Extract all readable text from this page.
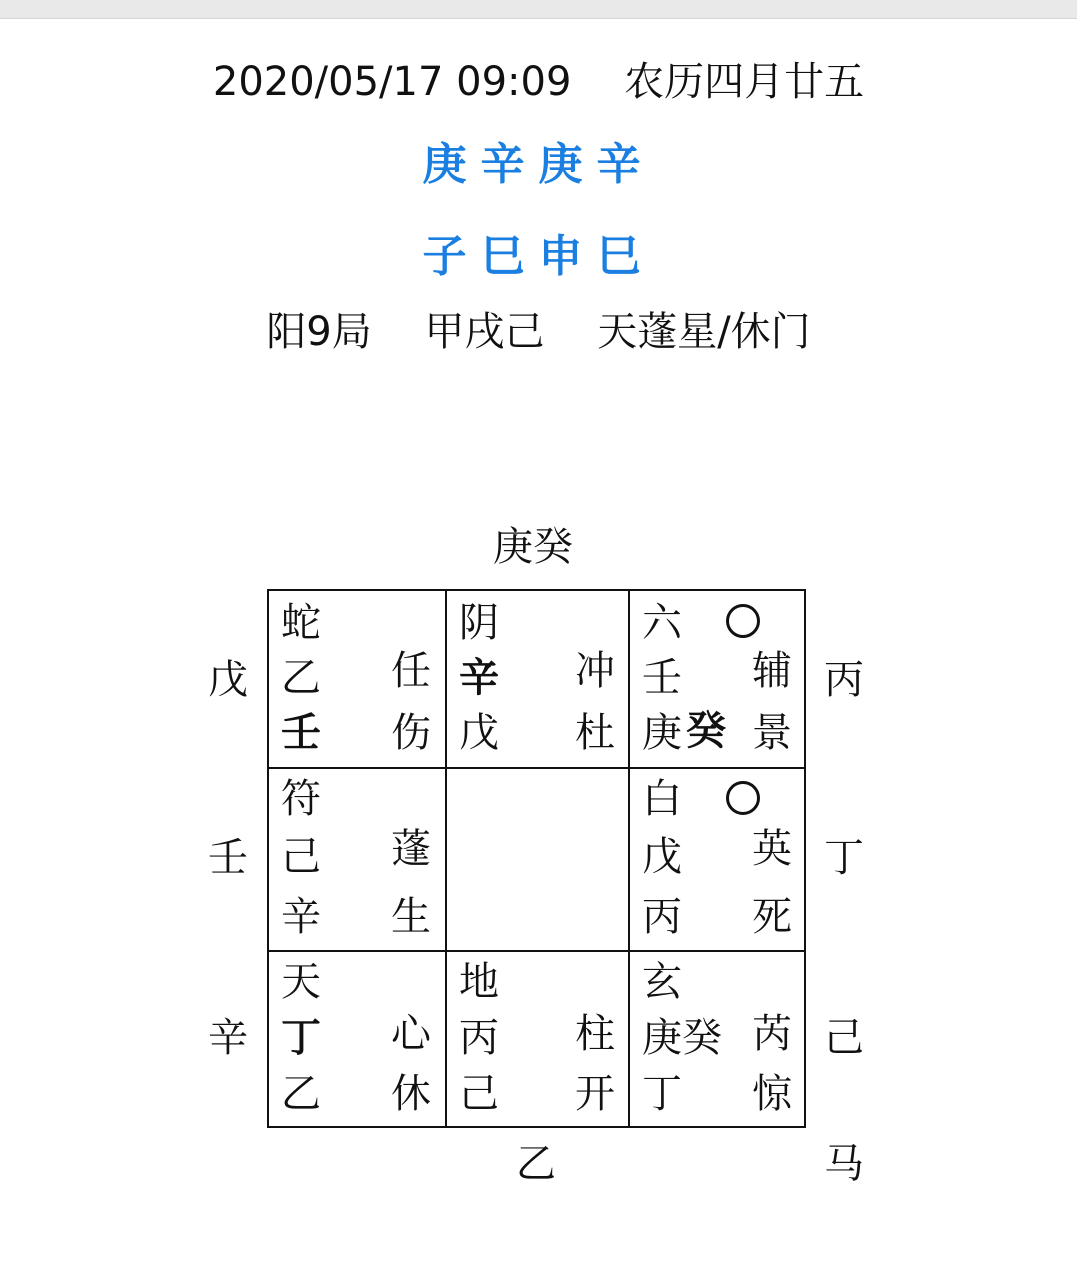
2020/05/17 09:09　 农历四月廿五
庚辛庚辛
子巳申巳
阳9局　 甲戌己　 天蓬星/休门
庚癸
乙
戊
壬
辛
丙
丁
己
马
蛇
乙
壬
任
伤
阴
辛
戊
冲
杜
六
壬
庚 癸
辅
景
符
己
辛
蓬
生
白
戊
丙
英
死
天
丁
乙
心
休
地
丙
己
柱
开
玄
庚癸
丁
芮
惊
